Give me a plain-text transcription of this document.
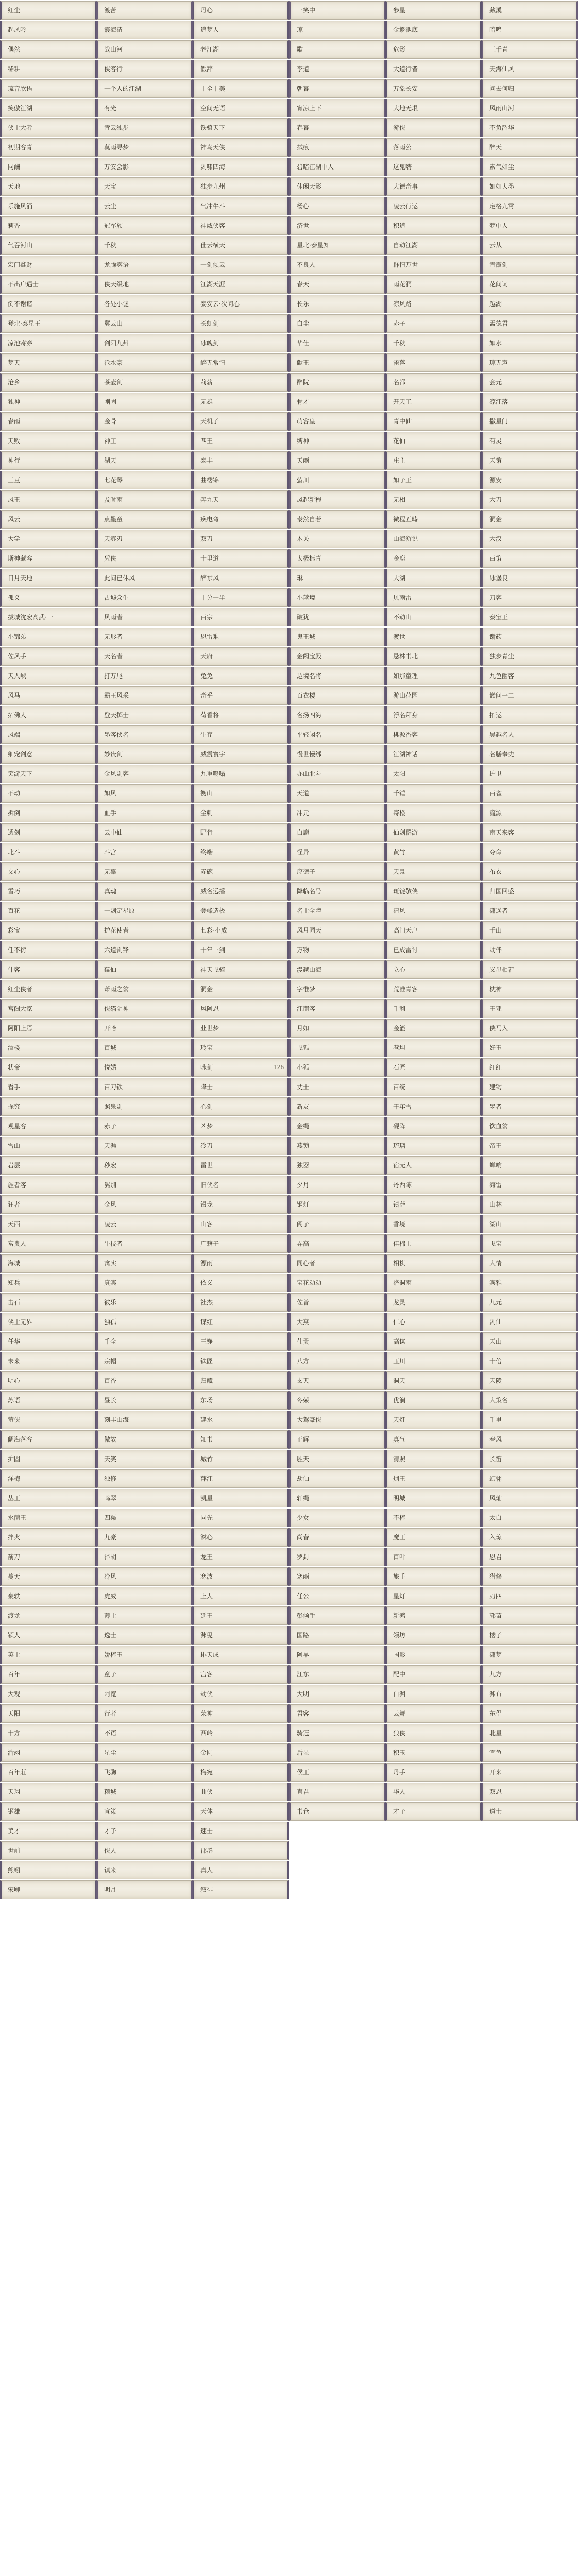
红尘	渡苦	丹心	一笑中	参星	藏溪
起风吟	霞海清	追梦人	琼	金鳞池底	暗鸣
偶然	战山河	老江湖	歌	危影	三千青
稀耕	侠客行	假辞	李道	大道行者	天海仙风
琉音欣语	一个人的江湖	十全十美	朝暮	万象长安	问去何归
笑傲江湖	有光	空间无语	宵凉上下	大地无垠	风雨山河
侠士大者	青云独步	铁骑天下	春暮	游侠	不负韶华
初期客青	莫雨寻梦	神鸟天侠	拭痕	落雨公	醉天
同酬	万安会影	剑啸四海	碧暗江湖中人	这鬼嗨	素气如尘
天地	天宝	独步九州	休闲天影	大德奇事	如如大墨
乐施风涌	云尘	气冲牛斗	杨心	凌云行运	定格九霄
莉香	冠军族	神威侠客	济世	积道	梦中人
气吞河山	千秋	仕云横天	星北·泰星知	自动江湖	云从
宏门鑫财	龙腾雾语	一剑倾云	不良人	群情万世	青霞剑
不出户遇士	侠天级地	江湖天涯	春天	雨花洞	花间词
倒不谢谐	各处小谜	泰安云·次问心	长乐	凉风路	越湖
登北·泰星王	冀云山	长虹剑	白尘	赤子	孟德君
凉池寄穿	剑阳九州	冰魄剑	华仕	千秋	如水
梦天	沧水豪	醉无常情	献王	雀落	琼无声
沧乡	茶壶剑	莉薪	醉院	名都	会元
独神	刚固	无雄	骨才	开天工	凉江落
春雨	金骨	天机子	萌客皇	青中仙	撒星门
天败	神工	四王	缚神	花仙	有灵
神行	湖天	泰丰	天雨	庄主	天策
三豆	七花琴	曲楼锦	萤川	如子王	源安
风王	及时雨	奔九天	凤起新程	无相	大刀
风云	点墨童	疾电弯	泰然自若	微程五畴	洞金
大学	天雾刃	双刀	木关	山海游说	大汉
斯神藏客	凭侠	十里道	太极标青	金鹿	百策
日月天地	此间已休风	醉东风	琳	大湖	冰堡良
孤义	古墟众生	十分一半	小蓝境	贝雨雷	刀客
拔城沈宏高武·一	风雨者	百宗	破犹	不动山	泰宝王
小锦弟	无形者	恩雷难	鬼王城	渡世	谢药
佐风手	天名者	天府	金阙宝殿	悬林书北	独步青尘
天人峡	打万尾	兔兔	边境名将	如那童理	九色幽客
风马	霸王风采	奇乎	百衣楼	游山花园	嵌问一二
拓佛人	登天掷士	苟香将	名扬四海	浮名拜身	拓运
风端	墨客侠名	生存	平轻闲名	桃源香客	吴越名人
细宠剑意	妙贵剑	威震寰宇	慢世慢绑	江湖神话	名膳奉史
笑游天下	金风剑客	九重嗡嗡	亦山北斗	太阳	护卫
不动	如风	衡山	天道	千锤	百雀
拆倒	血手	金刺	冲元	寄楼	流源
透剑	云中仙	野肯	白鹿	仙剑群游	南天来客
北斗	斗宫	终端	怪异	黄竹	夺命
文心	无辜	赤碗	应德子	天景	布衣
雪巧	真魂	威名远播	降临名号	斑锭敬侠	归国回盛
百花	一剑定星原	登峰造极	名士全障	清风	潇遥者
彩宝	护花使者	七彩·小成	风月同天	高门天户	千山
任不衍	六道剑锋	十年一剑	万物	已成雷讨	劫伴
仲客	蕴仙	神天飞骑	漫越山海	立心	义母相若
红尘侠者	萧雨之翁	洞金	字惟梦	荒准青客	枕神
宫阁大家	侠猫阴神	风阿恩	江南客	千利	王亚
阿阳上焉	开哈	业世梦	月如	金篮	侠马入
酒楼	百城	玲宝	飞狐	巷坦	好玉
状帝	悦婚	咏剑	126	小狐	石匠	红红
看手	百刀铁	降士	丈士	百统	建钩
探究	照泉剑	心剑	新友	干年雪	墨者
观星客	赤子	凶梦	金绳	砚阵	饮血翁
雪山	天涯	冷刀	燕锁	琉璃	帝王
岩层	秒宏	雷世	独器	宿无人	蝉响
旌者客	翼别	旧侠名	夕月	丹西陈	海雷
狂者	金风	银龙	钢灯	镇萨	山林
天西	凌云	山客	阁子	香境	湖山
富贵人	牛技者	广籍子	弄高	佳棉士	飞宝
海城	寓实	漂雨	同心者	相棋	大情
知兵	真宾	依义	宝花动动	洛洞雨	宾雅
击石	彼乐	社杰	佐普	龙灵	九元
侠士无界	独孤	谋红	大燕	仁心	剑仙
任华	千全	三铮	仕贡	高谋	天山
未来	宗帽	铁匠	八方	玉川	十倍
明心	百香	归藏	玄天	洞天	天陵
苏语	昼长	东场	冬荣	优涧	大策名
萤侠	刻丰山海	建水	大驾豪侠	天灯	千里
阔海落客	傲故	知书	正辉	真气	春风
护固	天笑	城竹	胜天	清照	长笛
洋梅	独修	萍江	劫仙	烟王	幻翎
丛王	鸣翠	凯星	轩绳	明城	风灿
水菌王	四渠	同先	少女	不棒	太白
拌火	九豪	淋心	尚春	魔王	入琼
箭刀	泽胡	龙王	罗封	百叶	恩君
蔓天	冷风	寒波	寒雨	旅手	猎修
豪轶	虎威	上人	任公	星灯	刃四
渡龙	薄士	延王	彭倾手	新鸿	郭苗
颖人	逸士	渊叟	国路	领坊	楼子
英士	娇棒玉	排天成	阿早	国影	潇梦
百年	童子	宫客	江东	配中	九方
大观	阿宽	劫侠	大明	白渊	渊布
天阳	行者	荣神	君客	云舞	东侣
十方	不语	西岭	骑冠	狼侠	北星
渝翊	星尘	金刚	后显	积玉	宜色
百年莊	飞驹	梅宛	侯王	丹手	开来
天翔	粮城	曲侠	直君	华人	双恩
钢雄	宣策	天体	书仓	才子	道士
美才	才子	速士
世前	侠人	郡群
熊翊	镇来	真人
宋卿	明月	叙徘
